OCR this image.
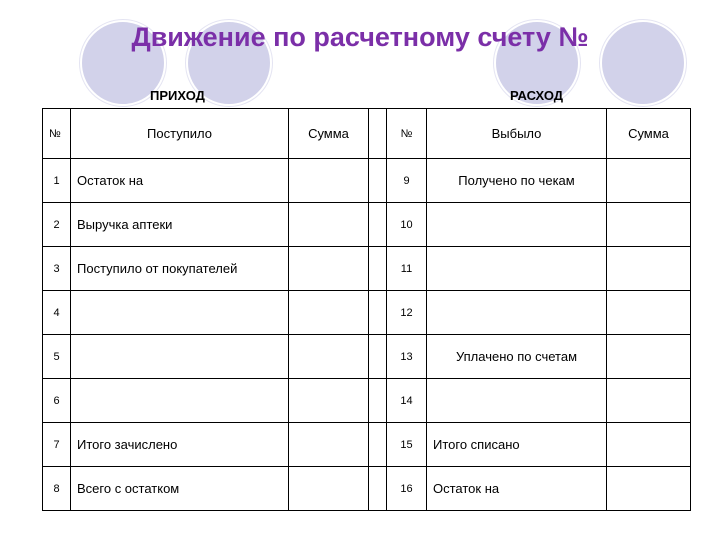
Движение по расчетному счету №
ПРИХОД	РАСХОД
№	Поступило	Сумма		№	Выбыло	Сумма
1	Остаток на			9	Получено по чекам	
2	Выручка аптеки			10		
3	Поступило от покупателей			11		
4				12		
5				13	Уплачено по счетам	
6				14		
7	Итого зачислено			15	Итого списано	
8	Всего с остатком			16	Остаток на	
